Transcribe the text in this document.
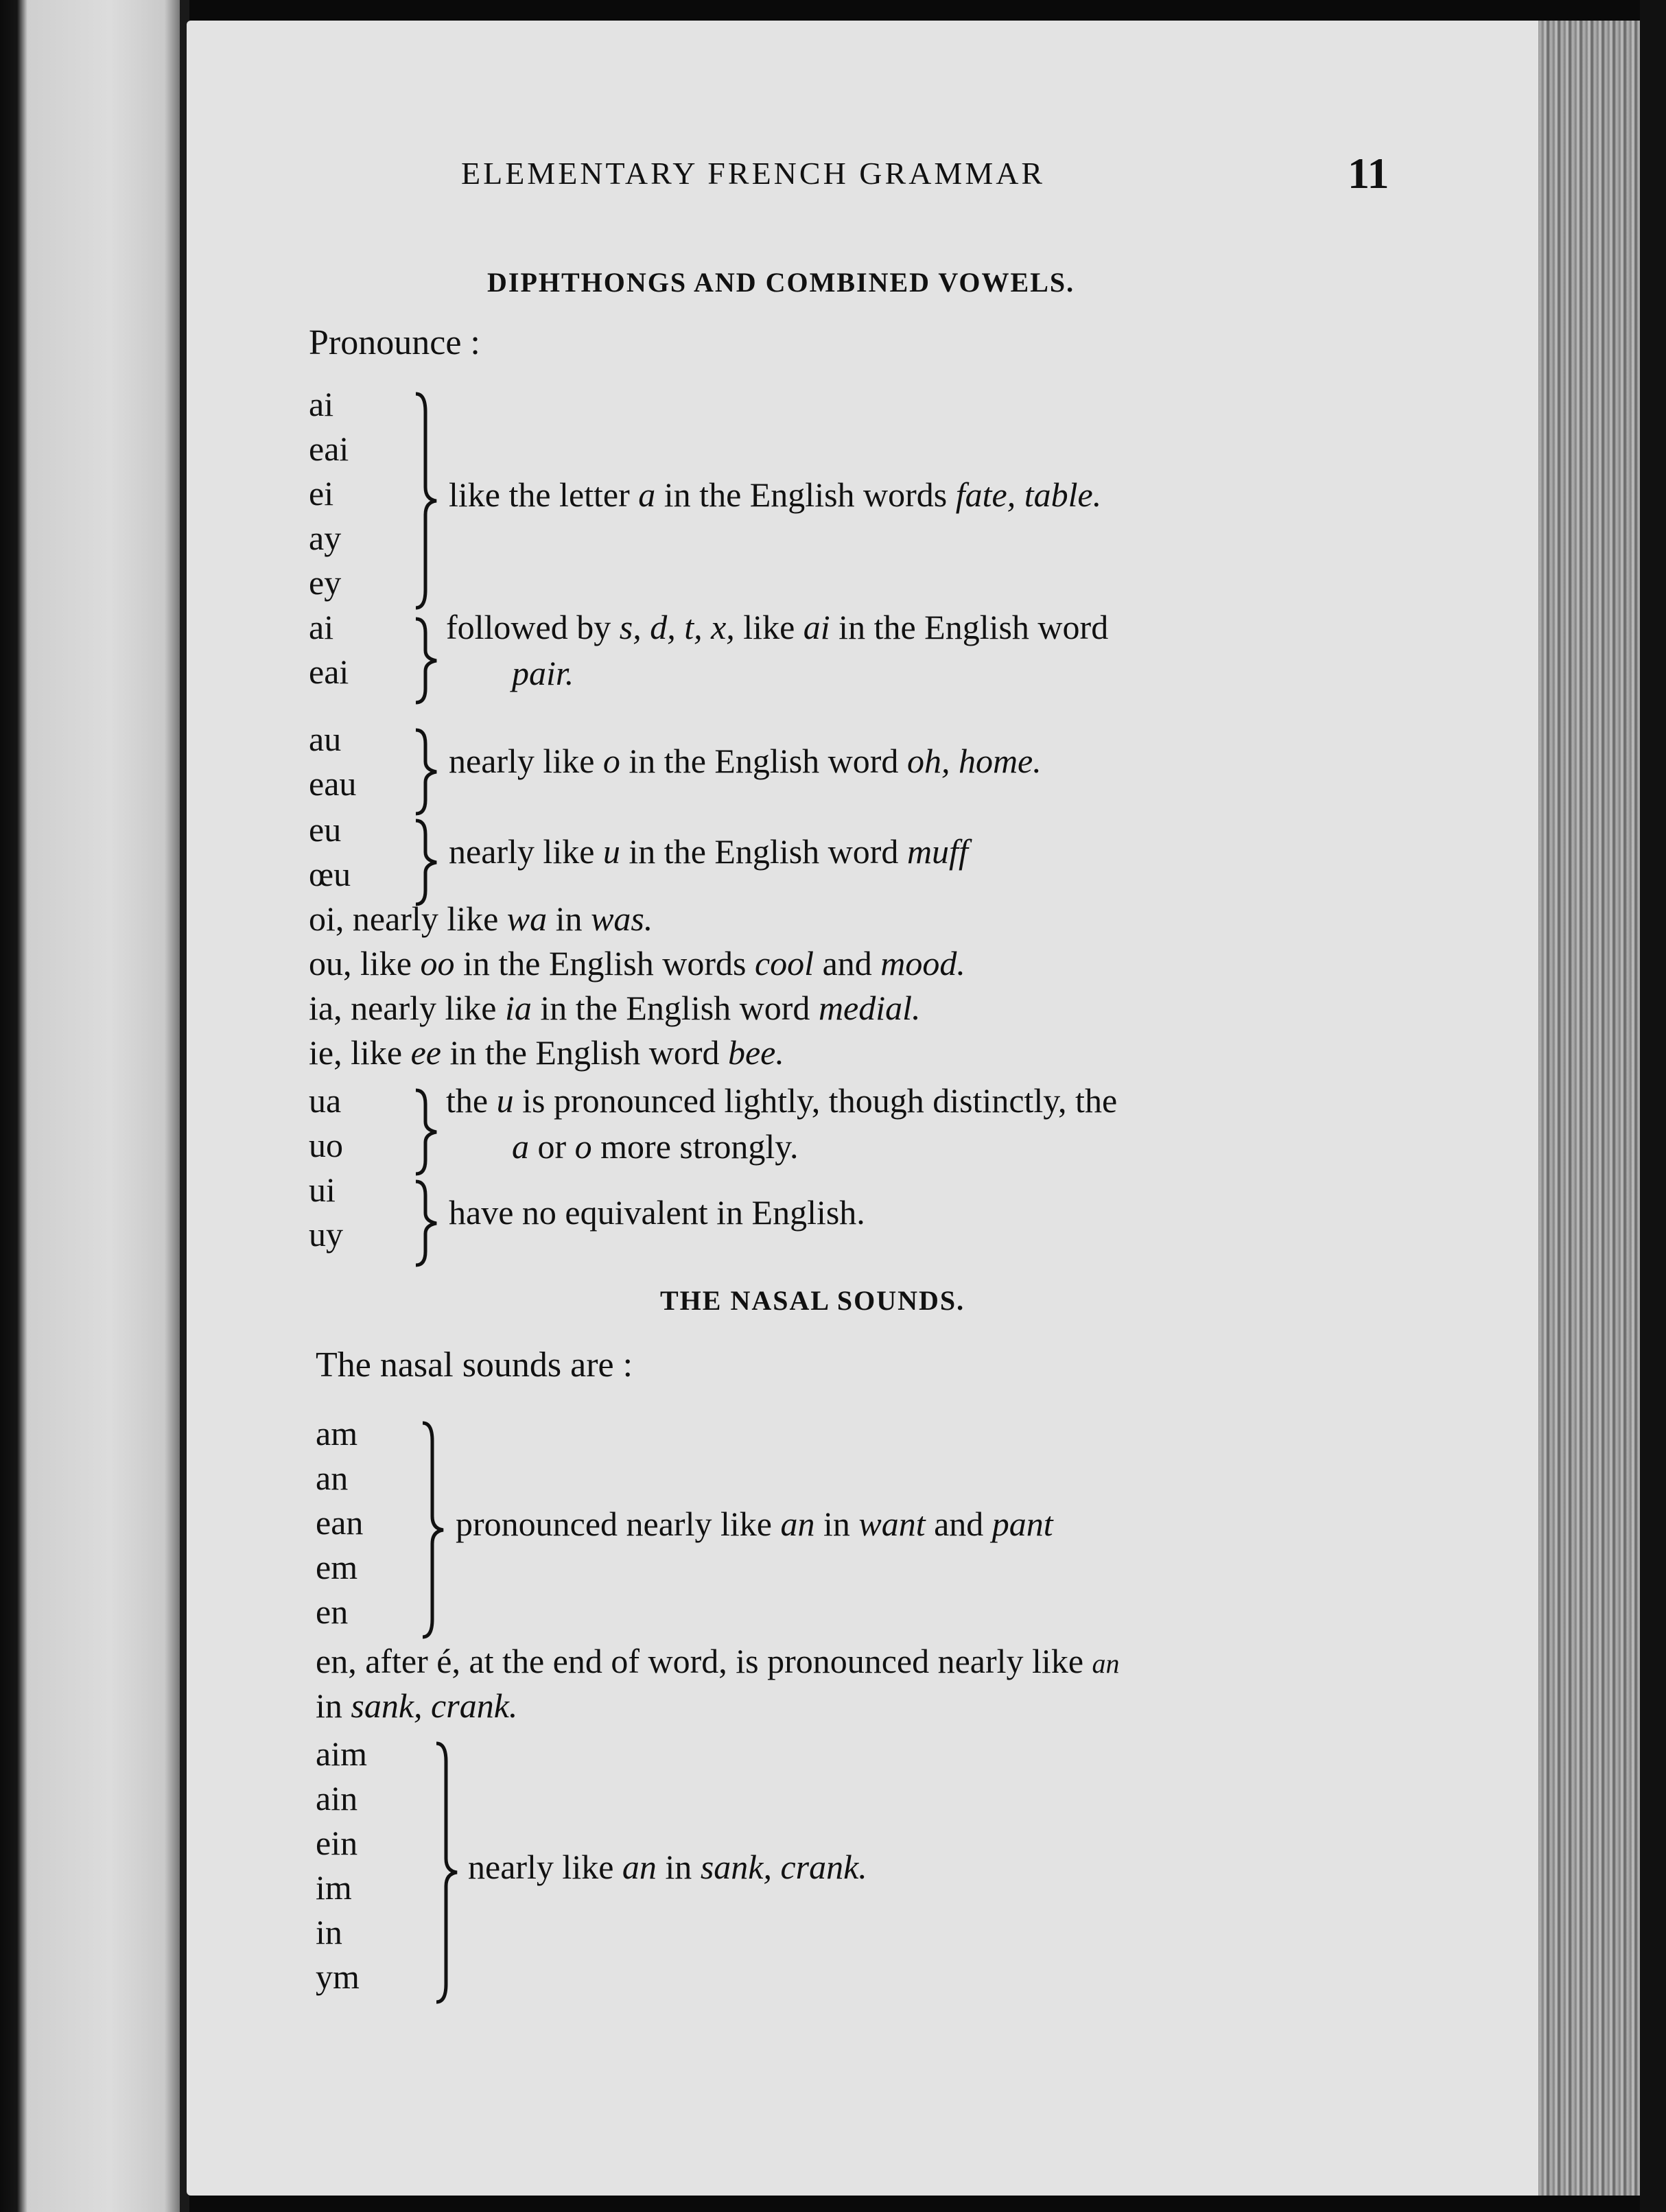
ELEMENTARY FRENCH GRAMMAR	11
DIPHTHONGS AND COMBINED VOWELS.
Pronounce :
ai
eai
ei
ay
ey
like the letter a in the English words fate, table.
ai
eai
followed by s, d, t, x, like ai in the English word
pair.
au
eau
nearly like o in the English word oh, home.
eu
œu
nearly like u in the English word muff
oi, nearly like wa in was.
ou, like oo in the English words cool and mood.
ia, nearly like ia in the English word medial.
ie, like ee in the English word bee.
ua
uo
the u is pronounced lightly, though distinctly, the
a or o more strongly.
ui
uy
have no equivalent in English.
THE NASAL SOUNDS.
The nasal sounds are :
am
an
ean
em
en
pronounced nearly like an in want and pant
en, after é, at the end of word, is pronounced nearly like an
in sank, crank.
aim
ain
ein
im
in
ym
nearly like an in sank, crank.
